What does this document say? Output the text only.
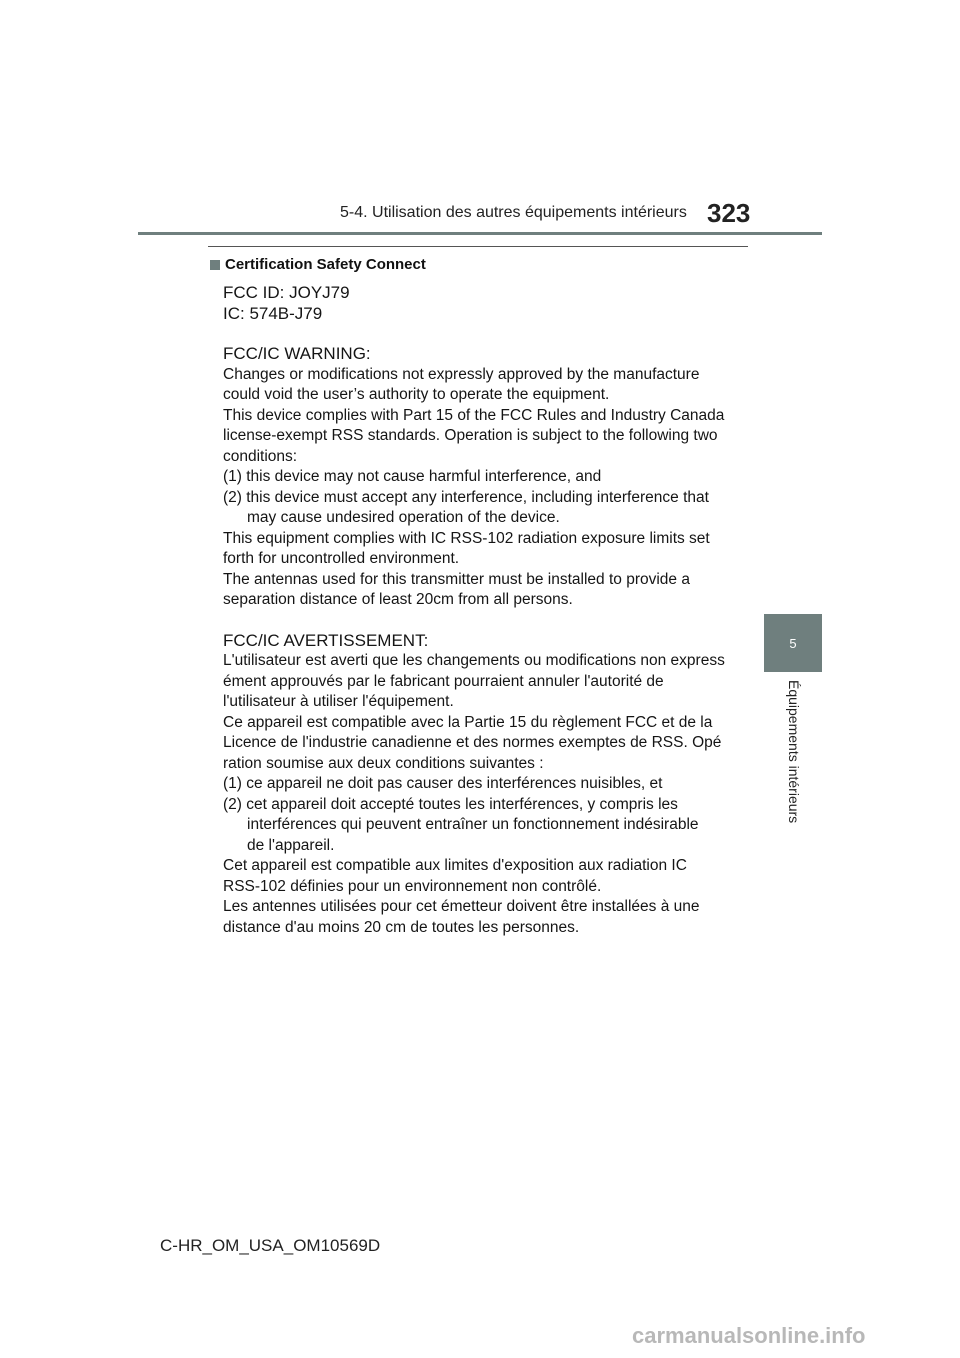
5-4. Utilisation des autres équipements intérieurs 323
Certification Safety Connect

FCC ID: JOYJ79

IC: 574B-J79

FCC/IC WARNING:

Changes or modifications not expressly approved by the manufacture

could void the user’s authority to operate the equipment.

This device complies with Part 15 of the FCC Rules and Industry Canada

license-exempt RSS standards. Operation is subject to the following two

conditions:

(1) this device may not cause harmful interference, and

(2) this device must accept any interference, including interference that

may cause undesired operation of the device.

This equipment complies with IC RSS-102 radiation exposure limits set

forth for uncontrolled environment.

The antennas used for this transmitter must be installed to provide a

separation distance of least 20cm from all persons.

FCC/IC AVERTISSEMENT:

L'utilisateur est averti que les changements ou modifications non express

ément approuvés par le fabricant pourraient annuler l'autorité de

l'utilisateur à utiliser l'équipement.

Ce appareil est compatible avec la Partie 15 du règlement FCC et de la

Licence de l'industrie canadienne et des normes exemptes de RSS. Opé

ration soumise aux deux conditions suivantes :

(1) ce appareil ne doit pas causer des interférences nuisibles, et

(2) cet appareil doit accepté toutes les interférences, y compris les

interférences qui peuvent entraîner un fonctionnement indésirable

de l'appareil.

Cet appareil est compatible aux limites d'exposition aux radiation IC

RSS-102 définies pour un environnement non contrôlé.

Les antennes utilisées pour cet émetteur doivent être installées à une

distance d'au moins 20 cm de toutes les personnes.

5
Équipements intérieurs
C-HR_OM_USA_OM10569D
carmanualsonline.info
